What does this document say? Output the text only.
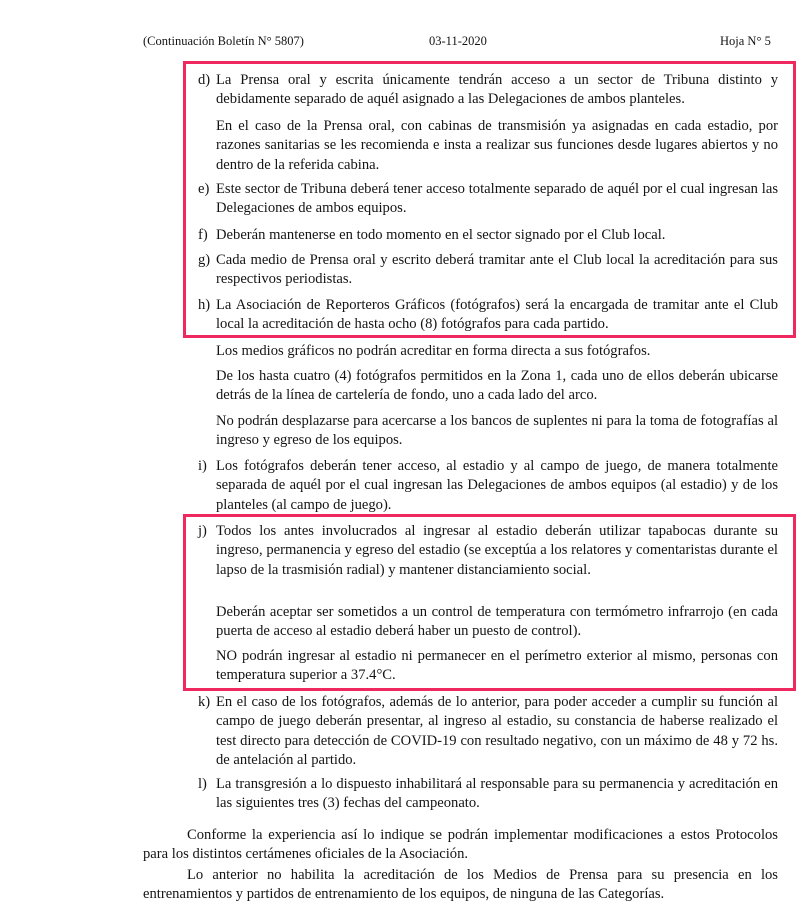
(Continuación Boletín N° 5807)	03-11-2020	Hoja N° 5
d) La Prensa oral y escrita únicamente tendrán acceso a un sector de Tribuna distinto y debidamente separado de aquél asignado a las Delegaciones de ambos planteles.
En el caso de la Prensa oral, con cabinas de transmisión ya asignadas en cada estadio, por razones sanitarias se les recomienda e insta a realizar sus funciones desde lugares abiertos y no dentro de la referida cabina.
e) Este sector de Tribuna deberá tener acceso totalmente separado de aquél por el cual ingresan las Delegaciones de ambos equipos.
f) Deberán mantenerse en todo momento en el sector signado por el Club local.
g) Cada medio de Prensa oral y escrito deberá tramitar ante el Club local la acreditación para sus respectivos periodistas.
h) La Asociación de Reporteros Gráficos (fotógrafos) será la encargada de tramitar ante el Club local la acreditación de hasta ocho (8) fotógrafos para cada partido.
Los medios gráficos no podrán acreditar en forma directa a sus fotógrafos.
De los hasta cuatro (4) fotógrafos permitidos en la Zona 1, cada uno de ellos deberán ubicarse detrás de la línea de cartelería de fondo, uno a cada lado del arco.
No podrán desplazarse para acercarse a los bancos de suplentes ni para la toma de fotografías al ingreso y egreso de los equipos.
i) Los fotógrafos deberán tener acceso, al estadio y al campo de juego, de manera totalmente separada de aquél por el cual ingresan las Delegaciones de ambos equipos (al estadio) y de los planteles (al campo de juego).
j) Todos los antes involucrados al ingresar al estadio deberán utilizar tapabocas durante su ingreso, permanencia y egreso del estadio (se exceptúa a los relatores y comentaristas durante el lapso de la trasmisión radial) y mantener distanciamiento social.
Deberán aceptar ser sometidos a un control de temperatura con termómetro infrarrojo (en cada puerta de acceso al estadio deberá haber un puesto de control).
NO podrán ingresar al estadio ni permanecer en el perímetro exterior al mismo, personas con temperatura superior a 37.4°C.
k) En el caso de los fotógrafos, además de lo anterior, para poder acceder a cumplir su función al campo de juego deberán presentar, al ingreso al estadio, su constancia de haberse realizado el test directo para detección de COVID-19 con resultado negativo, con un máximo de 48 y 72 hs. de antelación al partido.
l) La transgresión a lo dispuesto inhabilitará al responsable para su permanencia y acreditación en las siguientes tres (3) fechas del campeonato.
Conforme la experiencia así lo indique se podrán implementar modificaciones a estos Protocolos para los distintos certámenes oficiales de la Asociación.
Lo anterior no habilita la acreditación de los Medios de Prensa para su presencia en los entrenamientos y partidos de entrenamiento de los equipos, de ninguna de las Categorías.
